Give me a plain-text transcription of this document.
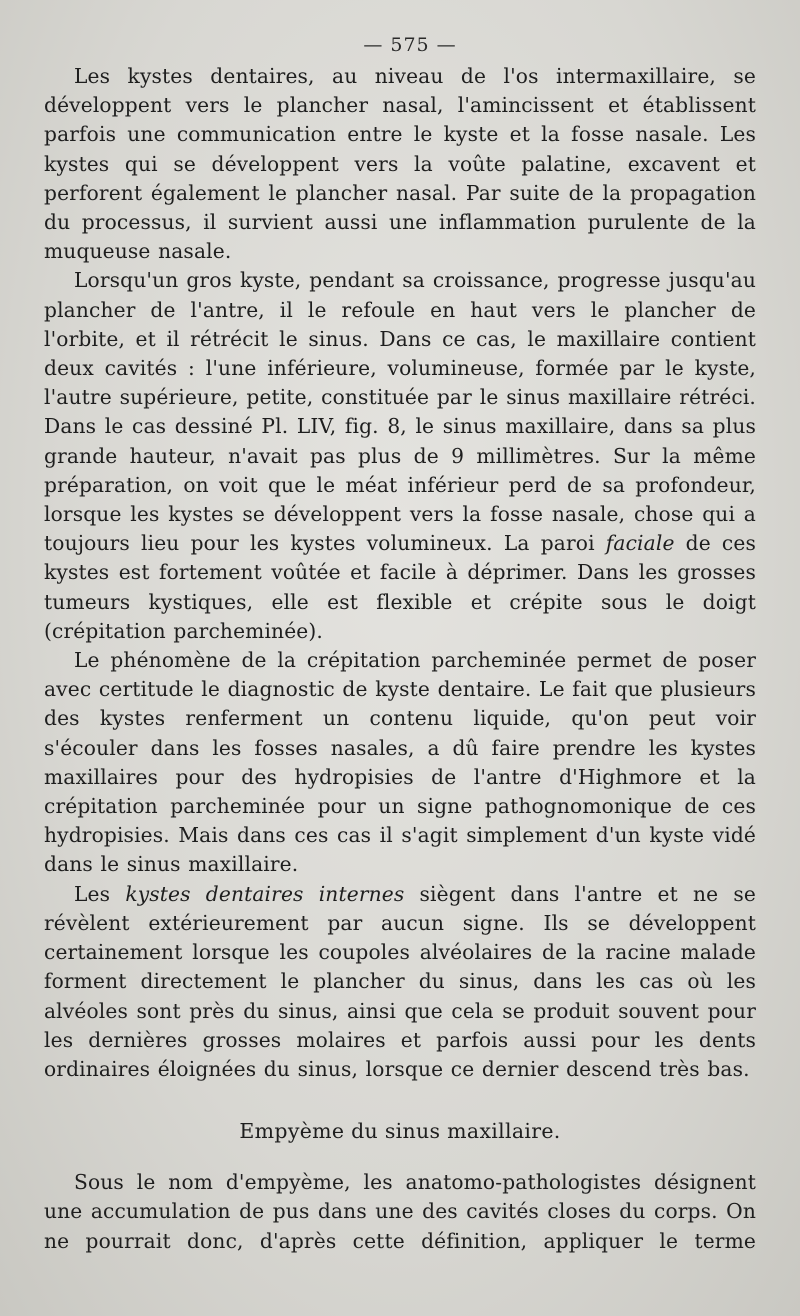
— 575 —

Les kystes dentaires, au niveau de l'os intermaxillaire, se développent vers le plancher nasal, l'amincissent et établissent parfois une communication entre le kyste et la fosse nasale. Les kystes qui se développent vers la voûte palatine, excavent et perforent également le plancher nasal. Par suite de la propagation du processus, il survient aussi une inflammation purulente de la muqueuse nasale.

Lorsqu'un gros kyste, pendant sa croissance, progresse jusqu'au plancher de l'antre, il le refoule en haut vers le plancher de l'orbite, et il rétrécit le sinus. Dans ce cas, le maxillaire contient deux cavités : l'une inférieure, volumineuse, formée par le kyste, l'autre supérieure, petite, constituée par le sinus maxillaire rétréci. Dans le cas dessiné Pl. LIV, fig. 8, le sinus maxillaire, dans sa plus grande hauteur, n'avait pas plus de 9 millimètres. Sur la même préparation, on voit que le méat inférieur perd de sa profondeur, lorsque les kystes se développent vers la fosse nasale, chose qui a toujours lieu pour les kystes volumineux. La paroi faciale de ces kystes est fortement voûtée et facile à déprimer. Dans les grosses tumeurs kystiques, elle est flexible et crépite sous le doigt (crépitation parcheminée).

Le phénomène de la crépitation parcheminée permet de poser avec certitude le diagnostic de kyste dentaire. Le fait que plusieurs des kystes renferment un contenu liquide, qu'on peut voir s'écouler dans les fosses nasales, a dû faire prendre les kystes maxillaires pour des hydropisies de l'antre d'Highmore et la crépitation parcheminée pour un signe pathognomonique de ces hydropisies. Mais dans ces cas il s'agit simplement d'un kyste vidé dans le sinus maxillaire.

Les kystes dentaires internes siègent dans l'antre et ne se révèlent extérieurement par aucun signe. Ils se développent certainement lorsque les coupoles alvéolaires de la racine malade forment directement le plancher du sinus, dans les cas où les alvéoles sont près du sinus, ainsi que cela se produit souvent pour les dernières grosses molaires et parfois aussi pour les dents ordinaires éloignées du sinus, lorsque ce dernier descend très bas.

Empyème du sinus maxillaire.

Sous le nom d'empyème, les anatomo-pathologistes désignent une accumulation de pus dans une des cavités closes du corps. On ne pourrait donc, d'après cette définition, appliquer le terme
